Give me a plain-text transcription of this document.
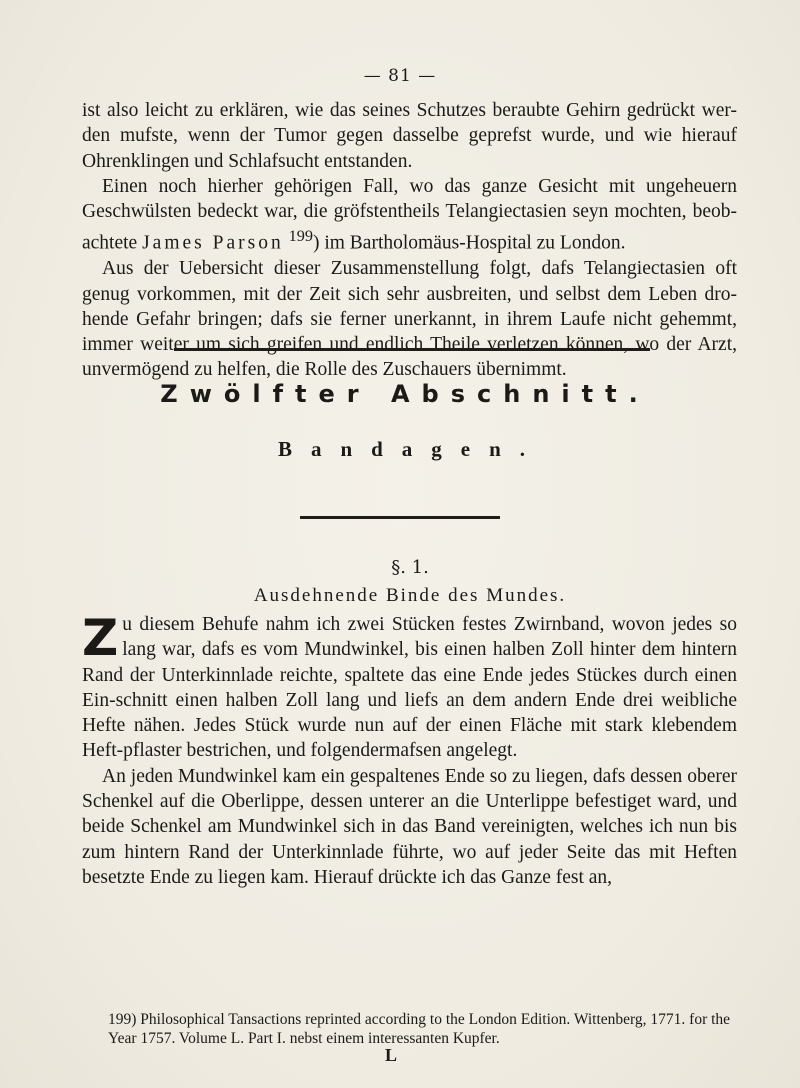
— 81 —

ist also leicht zu erklären, wie das seines Schutzes beraubte Gehirn gedrückt wer-den mufste, wenn der Tumor gegen dasselbe geprefst wurde, und wie hierauf Ohrenklingen und Schlafsucht entstanden.

Einen noch hierher gehörigen Fall, wo das ganze Gesicht mit ungeheuern Geschwülsten bedeckt war, die gröfstentheils Telangiectasien seyn mochten, beob-achtete James Parson $^{199}$) im Bartholomäus-Hospital zu London.

Aus der Uebersicht dieser Zusammenstellung folgt, dafs Telangiectasien oft genug vorkommen, mit der Zeit sich sehr ausbreiten, und selbst dem Leben dro-hende Gefahr bringen; dafs sie ferner unerkannt, in ihrem Laufe nicht gehemmt, immer weiter um sich greifen und endlich Theile verletzen können, wo der Arzt, unvermögend zu helfen, die Rolle des Zuschauers übernimmt.

Zwölfter Abschnitt.
Bandagen.
§. 1.
Ausdehnende Binde des Mundes.

Zu diesem Behufe nahm ich zwei Stücken festes Zwirnband, wovon jedes so lang war, dafs es vom Mundwinkel, bis einen halben Zoll hinter dem hintern Rand der Unterkinnlade reichte, spaltete das eine Ende jedes Stückes durch einen Ein-schnitt einen halben Zoll lang und liefs an dem andern Ende drei weibliche Hefte nähen. Jedes Stück wurde nun auf der einen Fläche mit stark klebendem Heft-pflaster bestrichen, und folgendermafsen angelegt.

An jeden Mundwinkel kam ein gespaltenes Ende so zu liegen, dafs dessen oberer Schenkel auf die Oberlippe, dessen unterer an die Unterlippe befestiget ward, und beide Schenkel am Mundwinkel sich in das Band vereinigten, welches ich nun bis zum hintern Rand der Unterkinnlade führte, wo auf jeder Seite das mit Heften besetzte Ende zu liegen kam. Hierauf drückte ich das Ganze fest an,

199) Philosophical Tansactions reprinted according to the London Edition. Wittenberg, 1771. for the Year 1757. Volume L. Part I. nebst einem interessanten Kupfer.

L
